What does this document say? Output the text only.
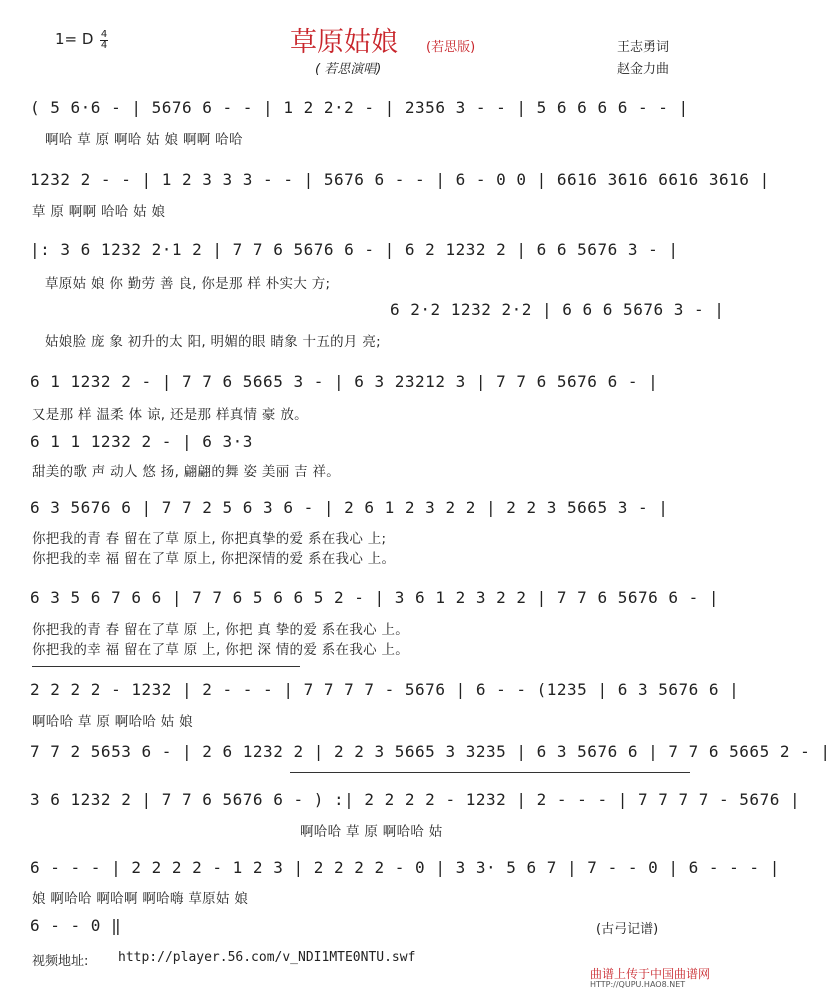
1= D 4
4	草原姑娘 (若思版)
( 若思演唱)
王志勇词
赵金力曲
( 5 6·6 - | 5676 6 - - | 1 2 2·2 - | 2356 3 - - | 5 6 6 6 6 - - |
啊哈 草 原 啊哈 姑 娘 啊啊 哈哈
1232 2 - - | 1 2 3 3 3 - - | 5676 6 - - | 6 - 0 0 | 6616 3616 6616 3616 |
草 原 啊啊 哈哈 姑 娘
|: 3 6 1232 2·1 2 | 7 7 6 5676 6 - | 6 2 1232 2 | 6 6 5676 3 - |
草原姑 娘 你 勤劳 善 良, 你是那 样 朴实大 方;
6 2·2 1232 2·2 | 6 6 6 5676 3 - |
姑娘脸 庞 象 初升的太 阳, 明媚的眼 睛象 十五的月 亮;
6 1 1232 2 - | 7 7 6 5665 3 - | 6 3 23212 3 | 7 7 6 5676 6 - |
又是那 样 温柔 体 谅, 还是那 样真情 豪 放。
6 1 1 1232 2 - | 6 3·3
甜美的歌 声 动人 悠 扬, 翩翩的舞 姿 美丽 吉 祥。
6 3 5676 6 | 7 7 2 5 6 3 6 - | 2 6 1 2 3 2 2 | 2 2 3 5665 3 - |
你把我的青 春 留在了草 原上, 你把真挚的爱 系在我心 上;
你把我的幸 福 留在了草 原上, 你把深情的爱 系在我心 上。
6 3 5 6 7 6 6 | 7 7 6 5 6 6 5 2 - | 3 6 1 2 3 2 2 | 7 7 6 5676 6 - |
你把我的青 春 留在了草 原 上, 你把 真 挚的爱 系在我心 上。
你把我的幸 福 留在了草 原 上, 你把 深 情的爱 系在我心 上。
2 2 2 2 - 1232 | 2 - - - | 7 7 7 7 - 5676 | 6 - - (1235 | 6 3 5676 6 |
啊哈哈 草 原 啊哈哈 姑 娘
7 7 2 5653 6 - | 2 6 1232 2 | 2 2 3 5665 3 3235 | 6 3 5676 6 | 7 7 6 5665 2 - |
3 6 1232 2 | 7 7 6 5676 6 - ) :| 2 2 2 2 - 1232 | 2 - - - | 7 7 7 7 - 5676 |
啊哈哈 草 原 啊哈哈 姑
6 - - - | 2 2 2 2 - 1 2 3 | 2 2 2 2 - 0 | 3 3· 5 6 7 | 7 - - 0 | 6 - - - |
娘 啊哈哈 啊哈啊 啊哈嗨 草原姑 娘
6 - - 0 ‖	(古弓记谱)
视频地址: http://player.56.com/v_NDI1MTE0NTU.swf
曲谱上传于中国曲谱网
HTTP://QUPU.HAO8.NET
